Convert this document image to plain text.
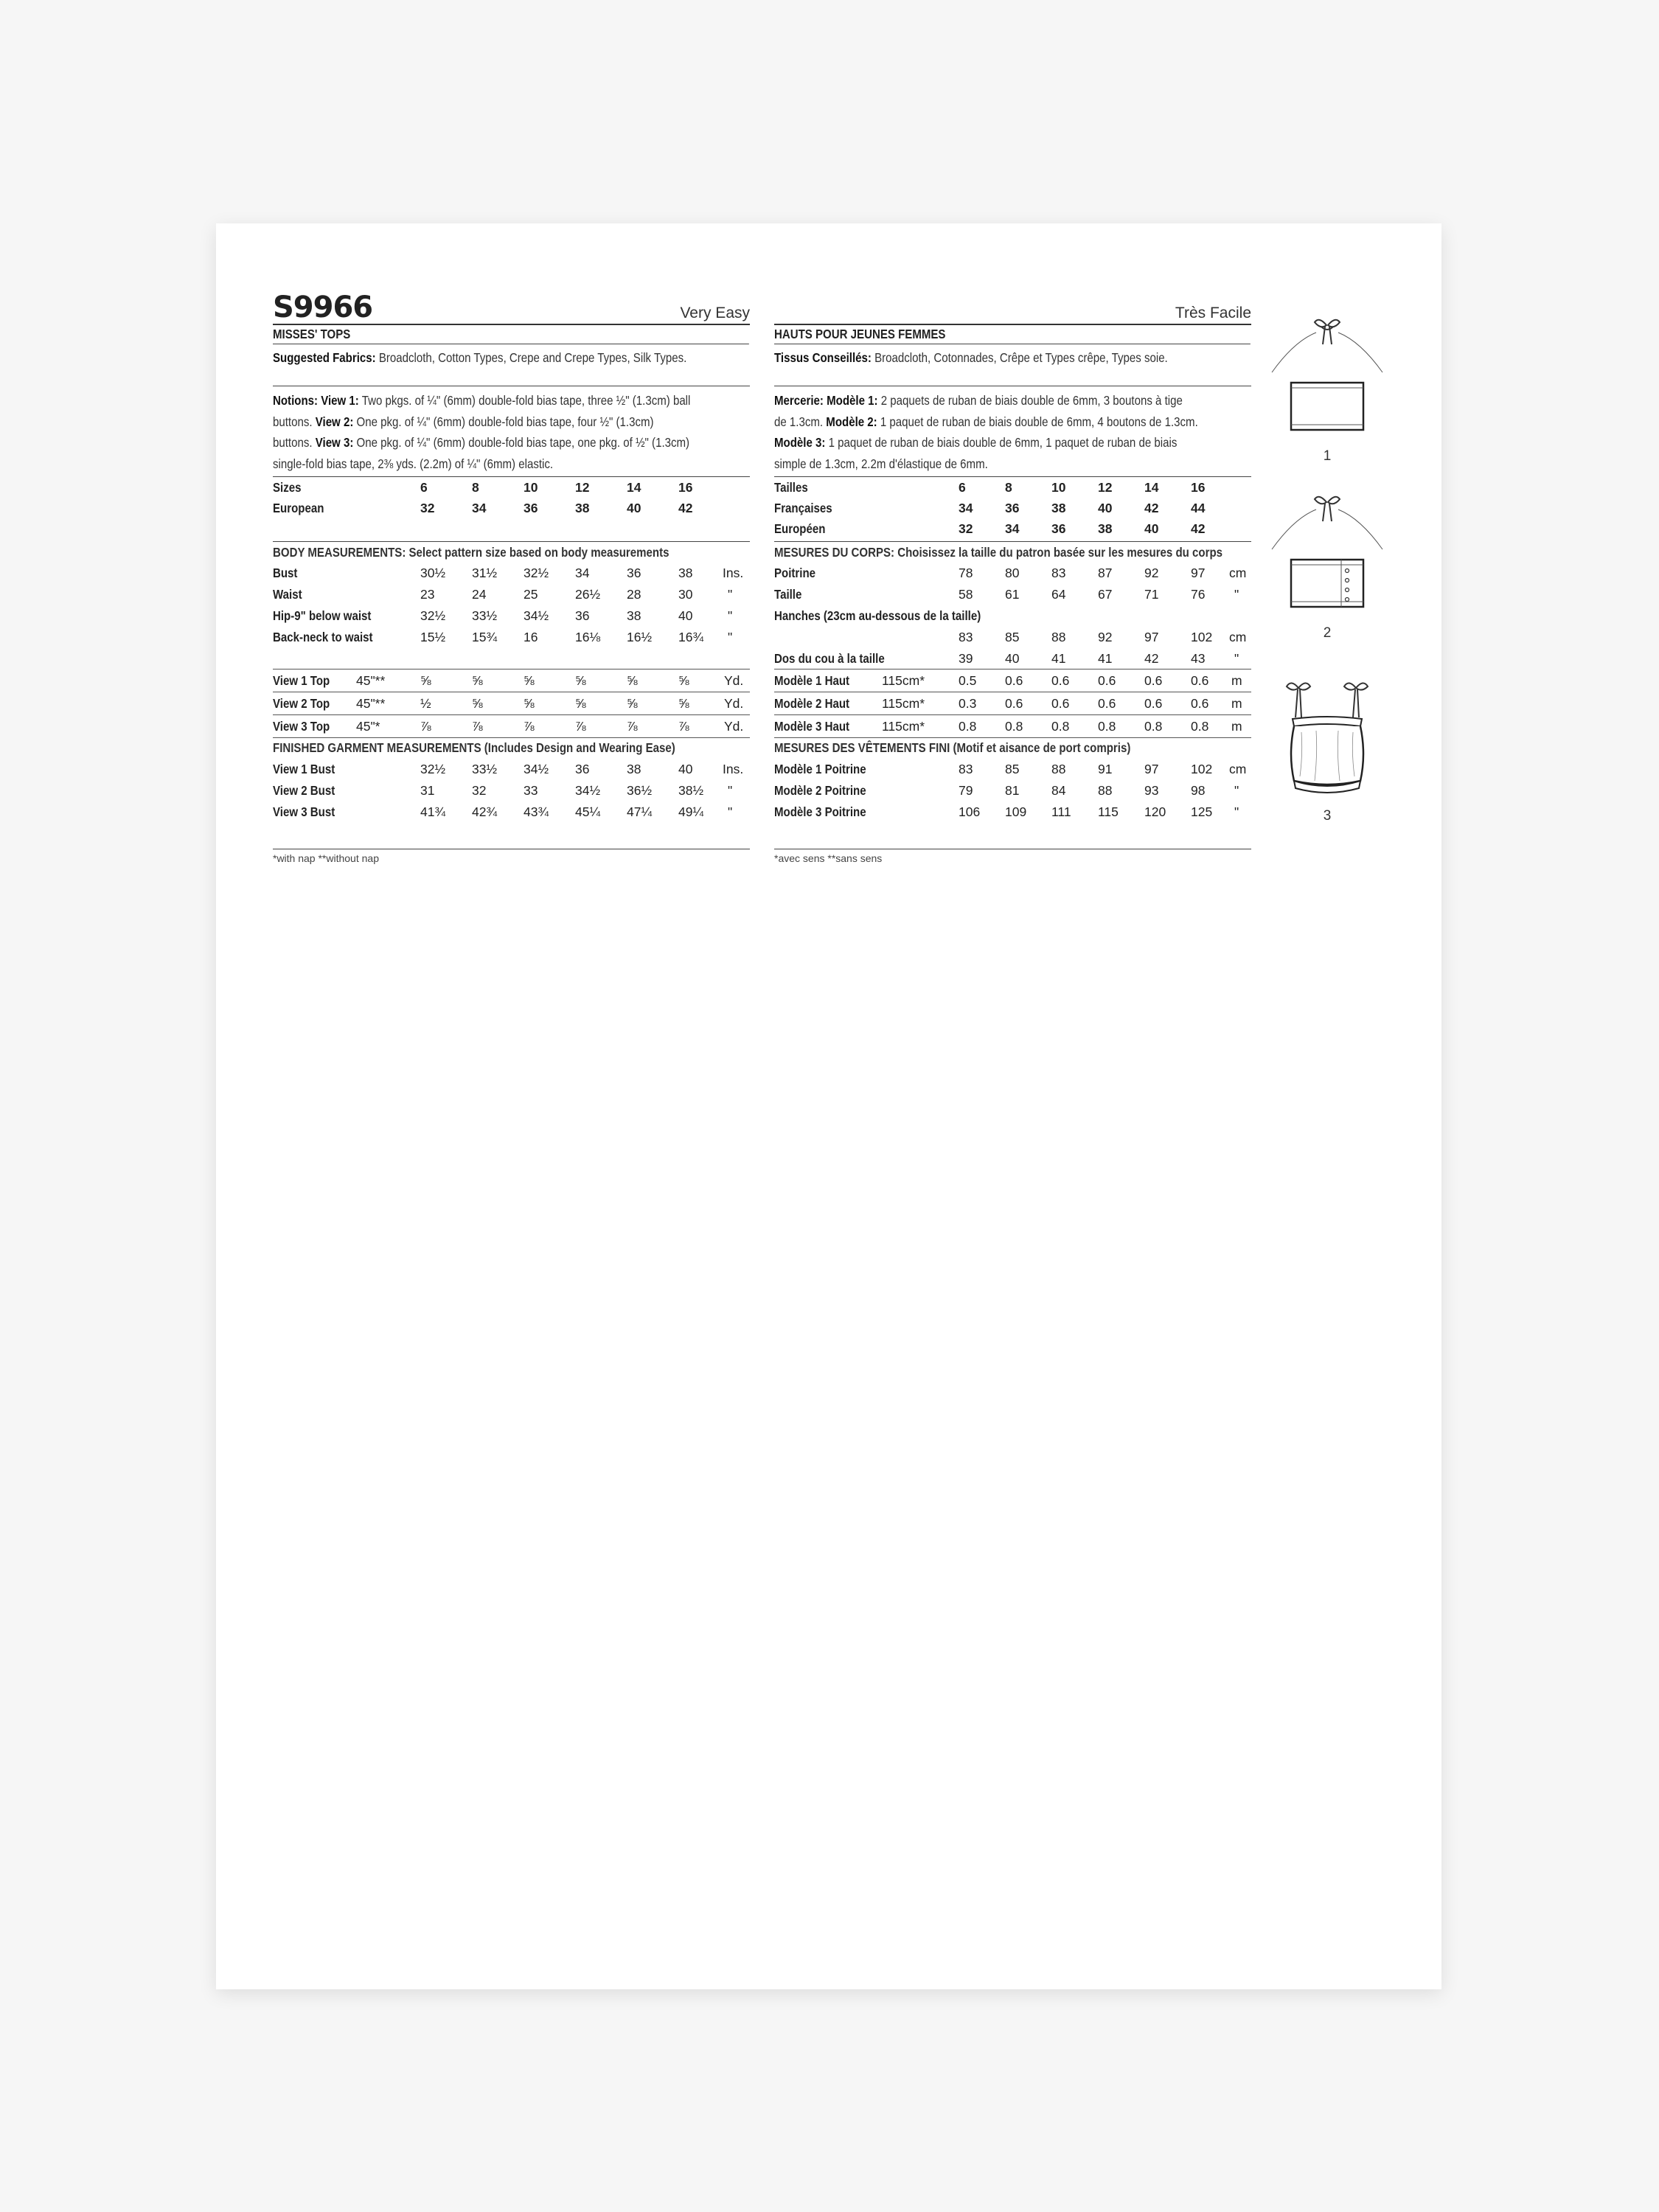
S9966	Very Easy
MISSES' TOPS
Suggested Fabrics: Broadcloth, Cotton Types, Crepe and Crepe Types, Silk Types.
Notions: View 1: Two pkgs. of ¼" (6mm) double-fold bias tape, three ½" (1.3cm) ball
buttons. View 2: One pkg. of ¼" (6mm) double-fold bias tape, four ½" (1.3cm)
buttons. View 3: One pkg. of ¼" (6mm) double-fold bias tape, one pkg. of ½" (1.3cm)
single-fold bias tape, 2⅜ yds. (2.2m) of ¼" (6mm) elastic.
Sizes	6	8	10	12	14	16
European	32	34	36	38	40	42
BODY MEASUREMENTS: Select pattern size based on body measurements
Bust	30½ 31½ 32½ 34	36	38 Ins.
Waist	23	24	25	26½ 28	30	"
Hip-9" below waist	32½ 33½ 34½ 36	38	40	"
Back-neck to waist	15½ 15¾ 16	16⅛ 16½ 16¾ "
View 1 Top 45"**	⅝	⅝	⅝	⅝	⅝	⅝	Yd.
View 2 Top 45"**	½	⅝	⅝	⅝	⅝	⅝	Yd.
View 3 Top 45"*	⅞	⅞	⅞	⅞	⅞	⅞	Yd.
FINISHED GARMENT MEASUREMENTS (Includes Design and Wearing Ease)
View 1 Bust	32½ 33½ 34½ 36	38	40 Ins.
View 2 Bust	31	32	33	34½ 36½ 38½ "
View 3 Bust	41¾ 42¾ 43¾ 45¼ 47¼ 49¼ "
*with nap **without nap
Très Facile
HAUTS POUR JEUNES FEMMES
Tissus Conseillés: Broadcloth, Cotonnades, Crêpe et Types crêpe, Types soie.
Mercerie: Modèle 1: 2 paquets de ruban de biais double de 6mm, 3 boutons à tige
de 1.3cm. Modèle 2: 1 paquet de ruban de biais double de 6mm, 4 boutons de 1.3cm.
Modèle 3: 1 paquet de ruban de biais double de 6mm, 1 paquet de ruban de biais
simple de 1.3cm, 2.2m d'élastique de 6mm.
Tailles	6	8	10 12 14 16
Françaises	34 36 38 40 42 44
Européen	32 34 36 38 40 42
MESURES DU CORPS: Choisissez la taille du patron basée sur les mesures du corps
Poitrine	78 80 83 87 92 97 cm
Taille	58 61 64 67 71 76 "
Hanches (23cm au-dessous de la taille)
83 85 88 92 97 102 cm
Dos du cou à la taille	39 40 41 41 42 43 "
Modèle 1 Haut	115cm*	0.5 0.6 0.6 0.6 0.6 0.6 m
Modèle 2 Haut	115cm*	0.3 0.6 0.6 0.6 0.6 0.6 m
Modèle 3 Haut	115cm*	0.8 0.8 0.8 0.8 0.8 0.8 m
MESURES DES VÊTEMENTS FINI (Motif et aisance de port compris)
Modèle 1 Poitrine	83 85 88 91 97 102 cm
Modèle 2 Poitrine	79 81 84 88 93 98 "
Modèle 3 Poitrine	106 109 111 115 120 125 "
*avec sens **sans sens
1
2
3
